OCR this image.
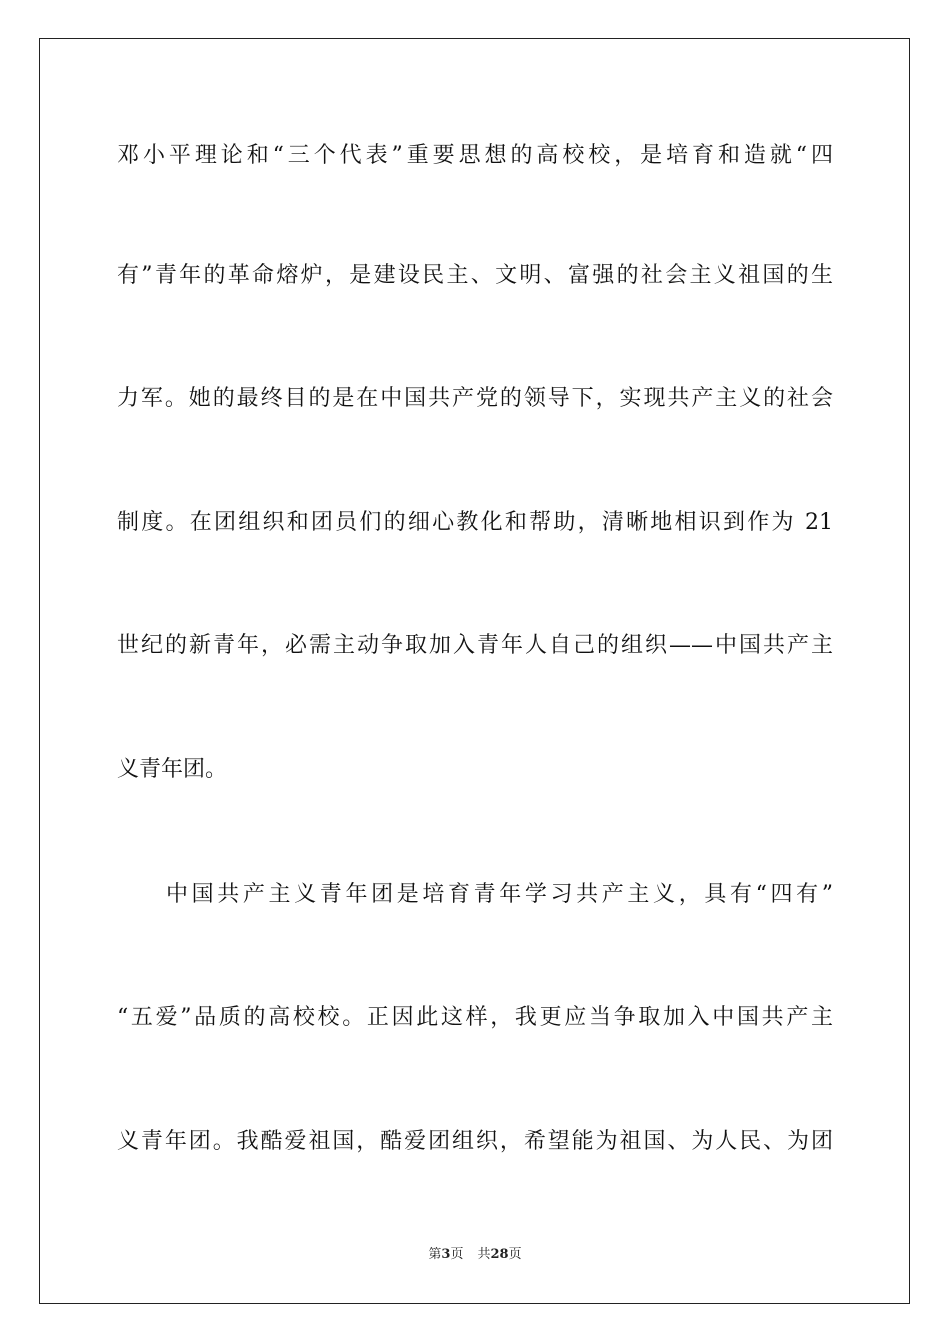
邓小平理论和“三个代表”重要思想的高校校，是培育和造就“四
有”青年的革命熔炉，是建设民主、文明、富强的社会主义祖国的生
力军。她的最终目的是在中国共产党的领导下，实现共产主义的社会
制度。在团组织和团员们的细心教化和帮助，清晰地相识到作为 21
世纪的新青年，必需主动争取加入青年人自己的组织——中国共产主
义青年团。
中国共产主义青年团是培育青年学习共产主义，具有“四有”
“五爱”品质的高校校。正因此这样，我更应当争取加入中国共产主
义青年团。我酷爱祖国，酷爱团组织，希望能为祖国、为人民、为团
第3页 共28页
